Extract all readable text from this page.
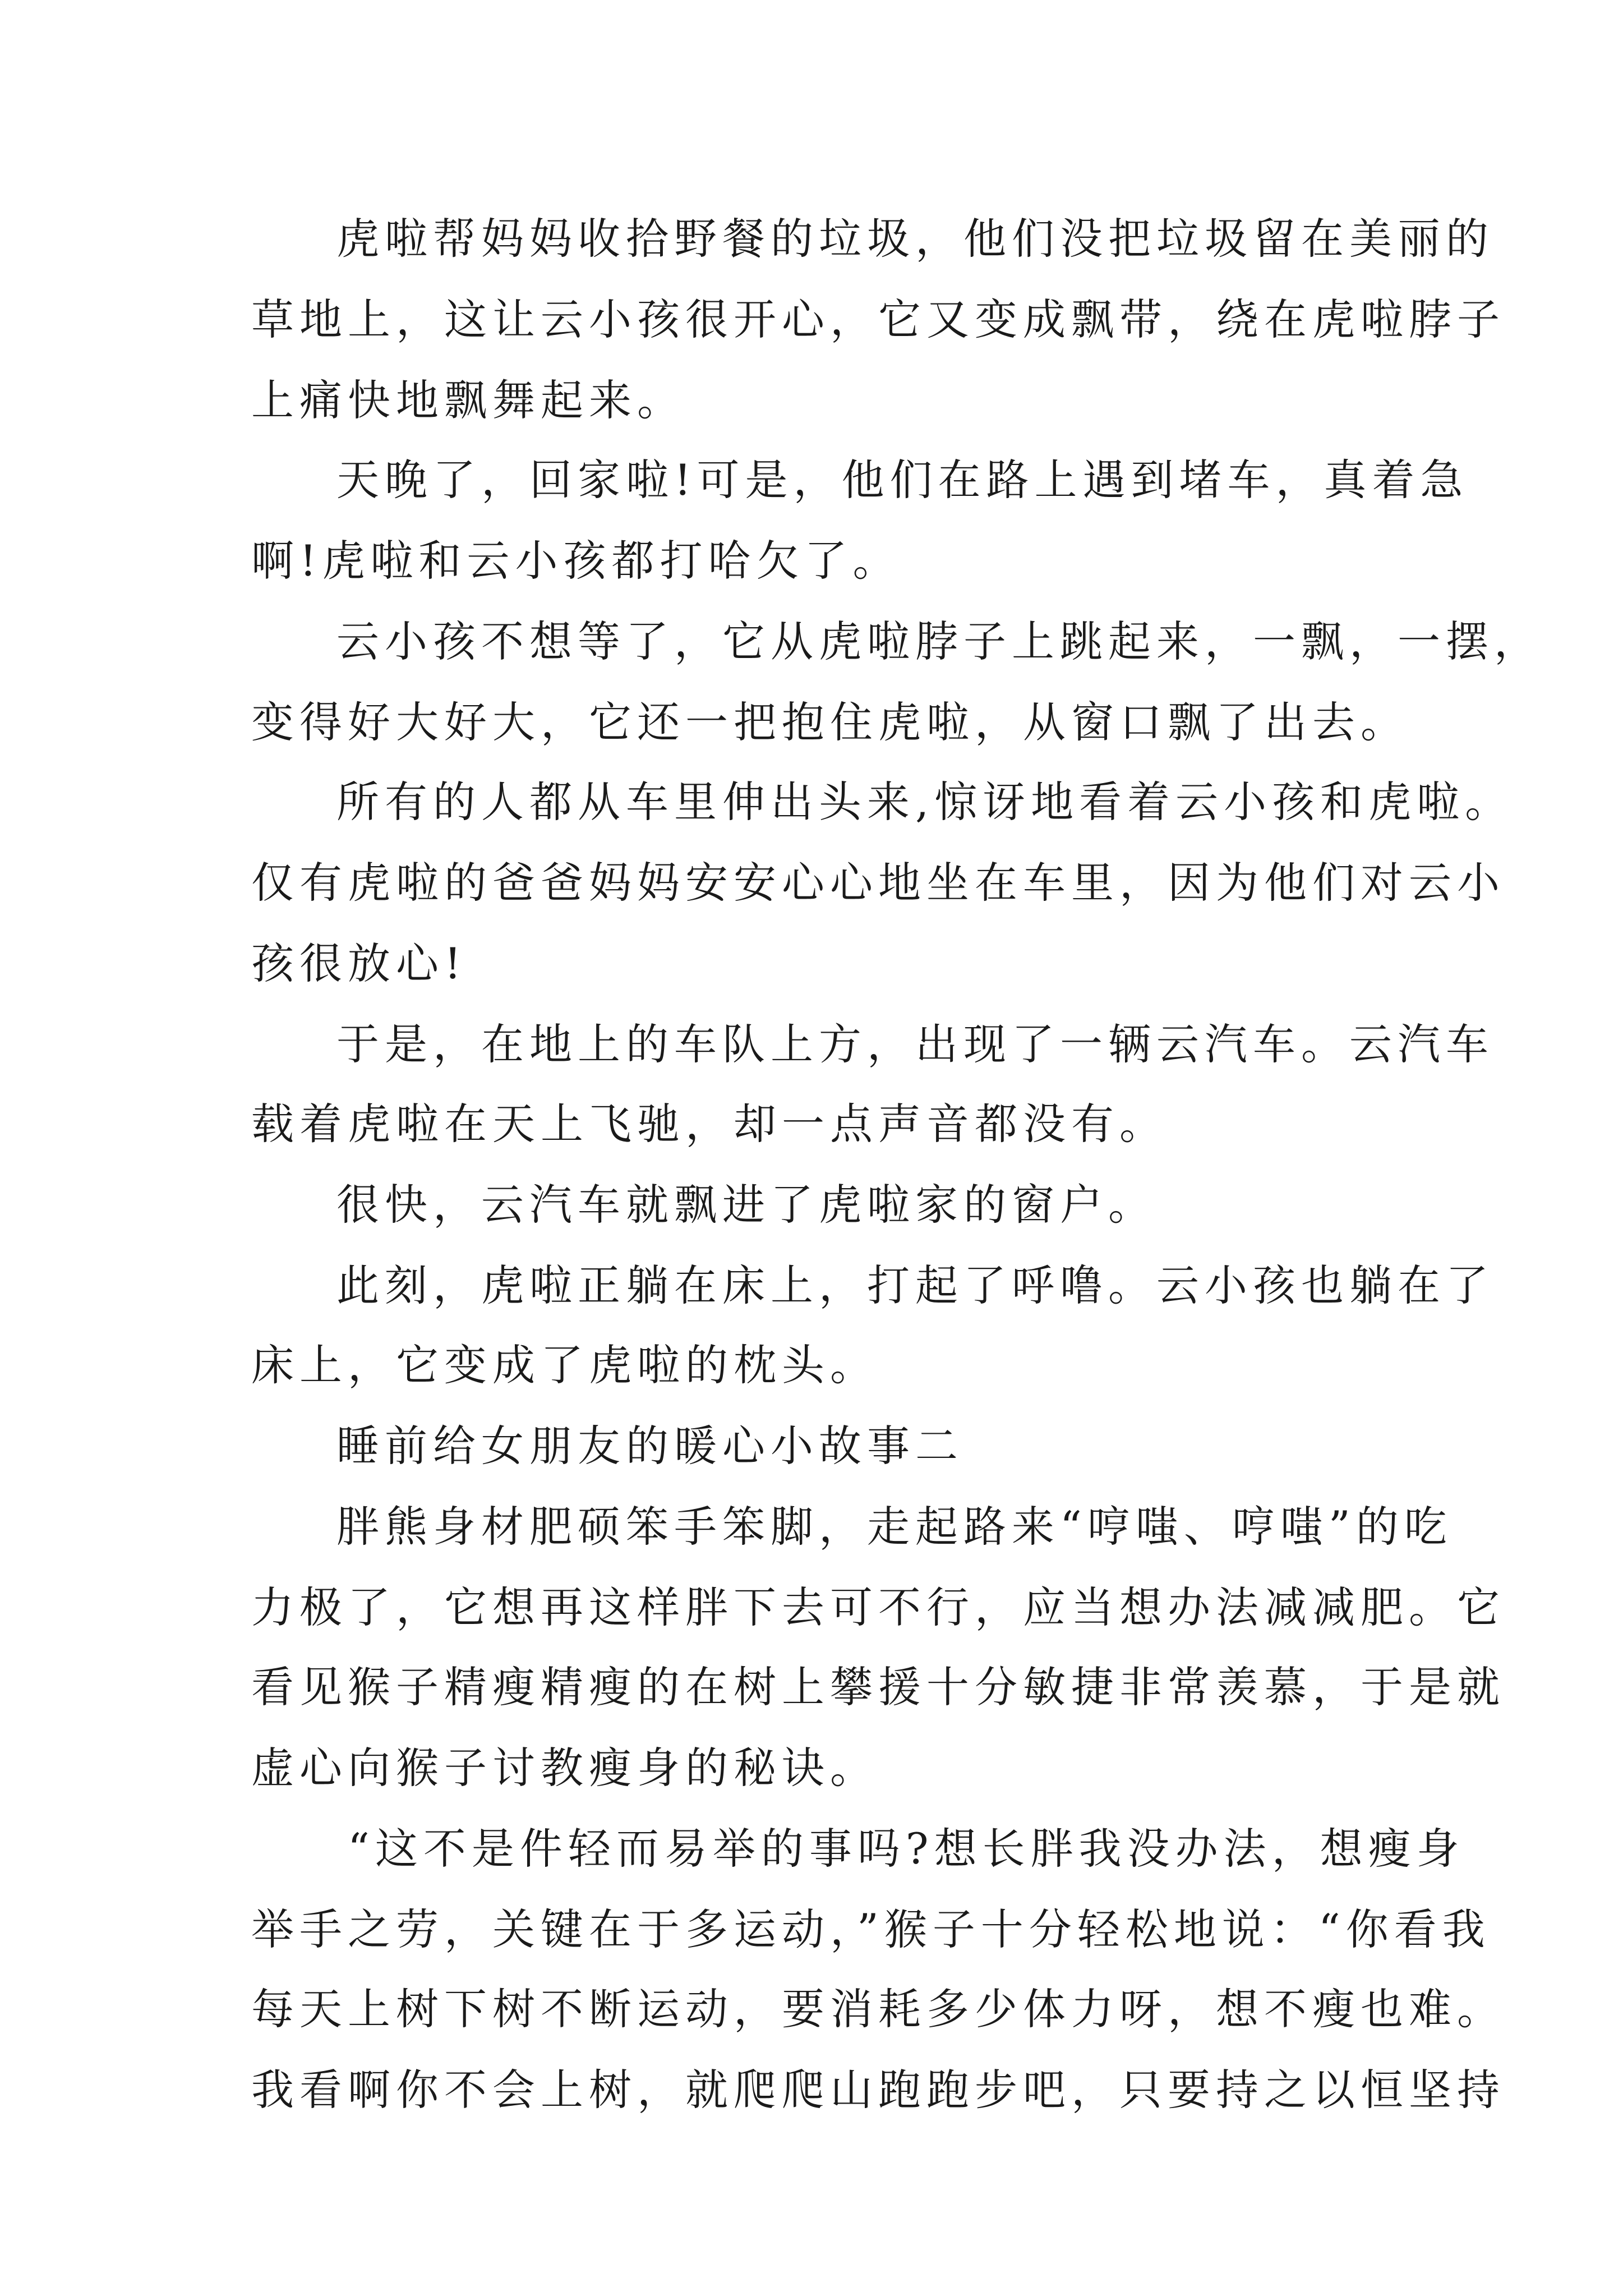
虎啦帮妈妈收拾野餐的垃圾，他们没把垃圾留在美丽的
草地上，这让云小孩很开心，它又变成飘带，绕在虎啦脖子
上痛快地飘舞起来。
天晚了，回家啦!可是，他们在路上遇到堵车，真着急
啊!虎啦和云小孩都打哈欠了。
云小孩不想等了，它从虎啦脖子上跳起来，一飘，一摆，
变得好大好大，它还一把抱住虎啦，从窗口飘了出去。
所有的人都从车里伸出头来,惊讶地看着云小孩和虎啦。
仅有虎啦的爸爸妈妈安安心心地坐在车里，因为他们对云小
孩很放心!
于是，在地上的车队上方，出现了一辆云汽车。云汽车
载着虎啦在天上飞驰，却一点声音都没有。
很快，云汽车就飘进了虎啦家的窗户。
此刻，虎啦正躺在床上，打起了呼噜。云小孩也躺在了
床上，它变成了虎啦的枕头。
睡前给女朋友的暖心小故事二
胖熊身材肥硕笨手笨脚，走起路来“哼嗤、哼嗤”的吃
力极了，它想再这样胖下去可不行，应当想办法减减肥。它
看见猴子精瘦精瘦的在树上攀援十分敏捷非常羡慕，于是就
虚心向猴子讨教瘦身的秘诀。
“这不是件轻而易举的事吗?想长胖我没办法，想瘦身
举手之劳，关键在于多运动，”猴子十分轻松地说：“你看我
每天上树下树不断运动，要消耗多少体力呀，想不瘦也难。
我看啊你不会上树，就爬爬山跑跑步吧，只要持之以恒坚持
